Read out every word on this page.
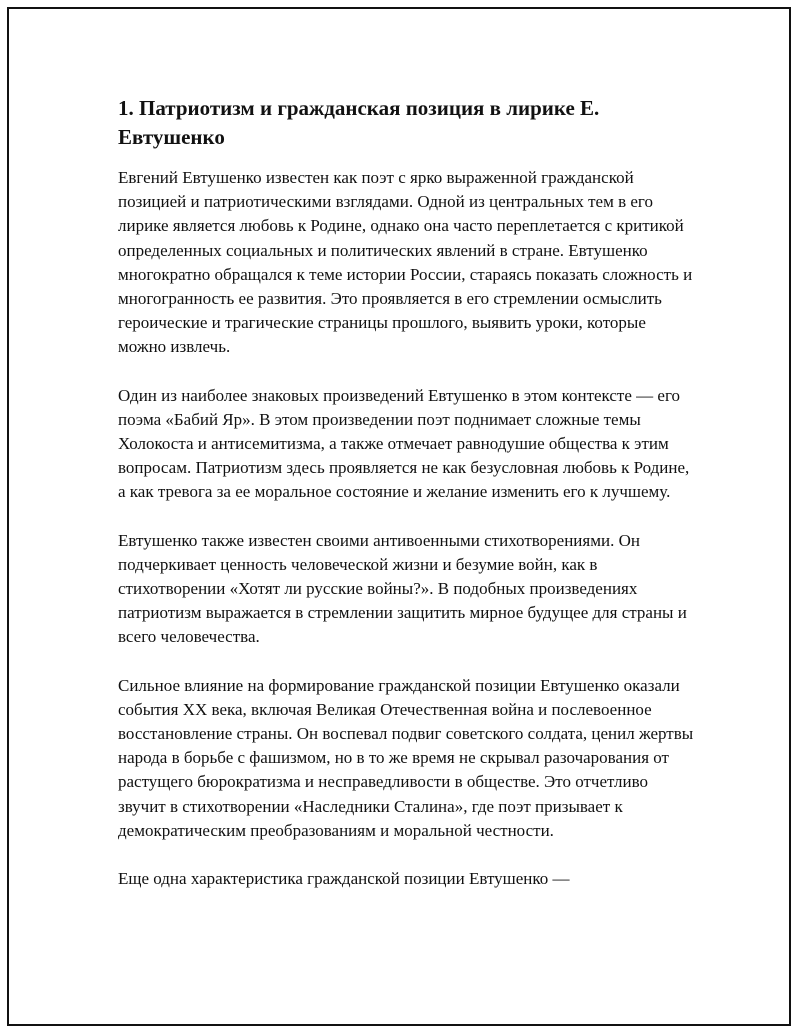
1. Патриотизм и гражданская позиция в лирике Е. Евтушенко

Евгений Евтушенко известен как поэт с ярко выраженной гражданской позицией и патриотическими взглядами. Одной из центральных тем в его лирике является любовь к Родине, однако она часто переплетается с критикой определенных социальных и политических явлений в стране. Евтушенко многократно обращался к теме истории России, стараясь показать сложность и многогранность ее развития. Это проявляется в его стремлении осмыслить героические и трагические страницы прошлого, выявить уроки, которые можно извлечь.

Один из наиболее знаковых произведений Евтушенко в этом контексте — его поэма «Бабий Яр». В этом произведении поэт поднимает сложные темы Холокоста и антисемитизма, а также отмечает равнодушие общества к этим вопросам. Патриотизм здесь проявляется не как безусловная любовь к Родине, а как тревога за ее моральное состояние и желание изменить его к лучшему.

Евтушенко также известен своими антивоенными стихотворениями. Он подчеркивает ценность человеческой жизни и безумие войн, как в стихотворении «Хотят ли русские войны?». В подобных произведениях патриотизм выражается в стремлении защитить мирное будущее для страны и всего человечества.

Сильное влияние на формирование гражданской позиции Евтушенко оказали события XX века, включая Великая Отечественная война и послевоенное восстановление страны. Он воспевал подвиг советского солдата, ценил жертвы народа в борьбе с фашизмом, но в то же время не скрывал разочарования от растущего бюрократизма и несправедливости в обществе. Это отчетливо звучит в стихотворении «Наследники Сталина», где поэт призывает к демократическим преобразованиям и моральной честности.

Еще одна характеристика гражданской позиции Евтушенко —
